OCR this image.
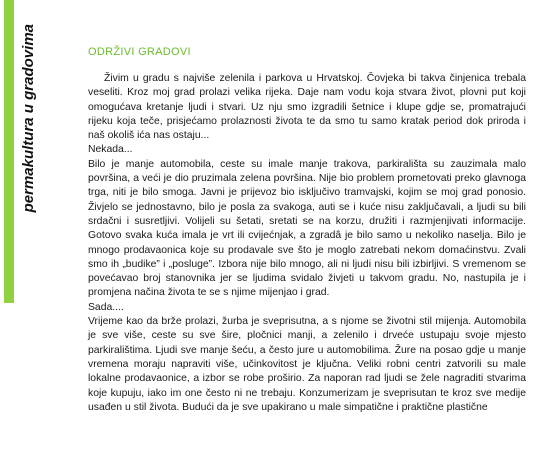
permakultura u gradovima	ODRŽIVI GRADOVI

Živim u gradu s najviše zelenila i parkova u Hrvatskoj. Čovjeka bi takva činjenica trebala veseliti. Kroz moj grad prolazi velika rijeka. Daje nam vodu koja stvara život, plovni put koji omogućava kretanje ljudi i stvari. Uz nju smo izgradili šetnice i klupe gdje se, promatrajući rijeku koja teče, prisjećamo prolaznosti života te da smo tu samo kratak period dok priroda i naš okoliš ića nas ostaju...

Nekada...

Bilo je manje automobila, ceste su imale manje trakova, parkirališta su zauzimala malo površina, a veći je dio pruzimala zelena površina. Nije bio problem prometovati preko glavnoga trga, niti je bilo smoga. Javni je prijevoz bio isključivo tramvajski, kojim se moj grad ponosio. Živjelo se jednostavno, bilo je posla za svakoga, auti se i kuće nisu zaključavali, a ljudi su bili srdačni i susretljivi. Volijeli su šetati, sretati se na korzu, družiti i razmjenjivati informacije. Gotovo svaka kuća imala je vrt ili cvijećnjak, a zgradâ je bilo samo u nekoliko naselja. Bilo je mnogo prodavaonica koje su prodavale sve što je moglo zatrebati nekom domaćinstvu. Zvali smo ih „budike” i „posluge”. Izbora nije bilo mnogo, ali ni ljudi nisu bili izbirljivi. S vremenom se povećavao broj stanovnika jer se ljudima svidalo živjeti u takvom gradu. No, nastupila je i promjena načina života te se s njime mijenjao i grad.

Sada....

Vrijeme kao da brže prolazi, žurba je sveprisutna, a s njome se životni stil mijenja. Automobila je sve više, ceste su sve šire, pločnici manji, a zelenilo i drveće ustupaju svoje mjesto parkiralištima. Ljudi sve manje šeću, a često jure u automobilima. Žure na posao gdje u manje vremena moraju napraviti više, učinkovitost je ključna. Veliki robni centri zatvorili su male lokalne prodavaonice, a izbor se robe proširio. Za naporan rad ljudi se žele nagraditi stvarima koje kupuju, iako im one često ni ne trebaju. Konzumerizam je sveprisutan te kroz sve medije usađen u stil života. Budući da je sve upakirano u male simpatične i praktične plastične
